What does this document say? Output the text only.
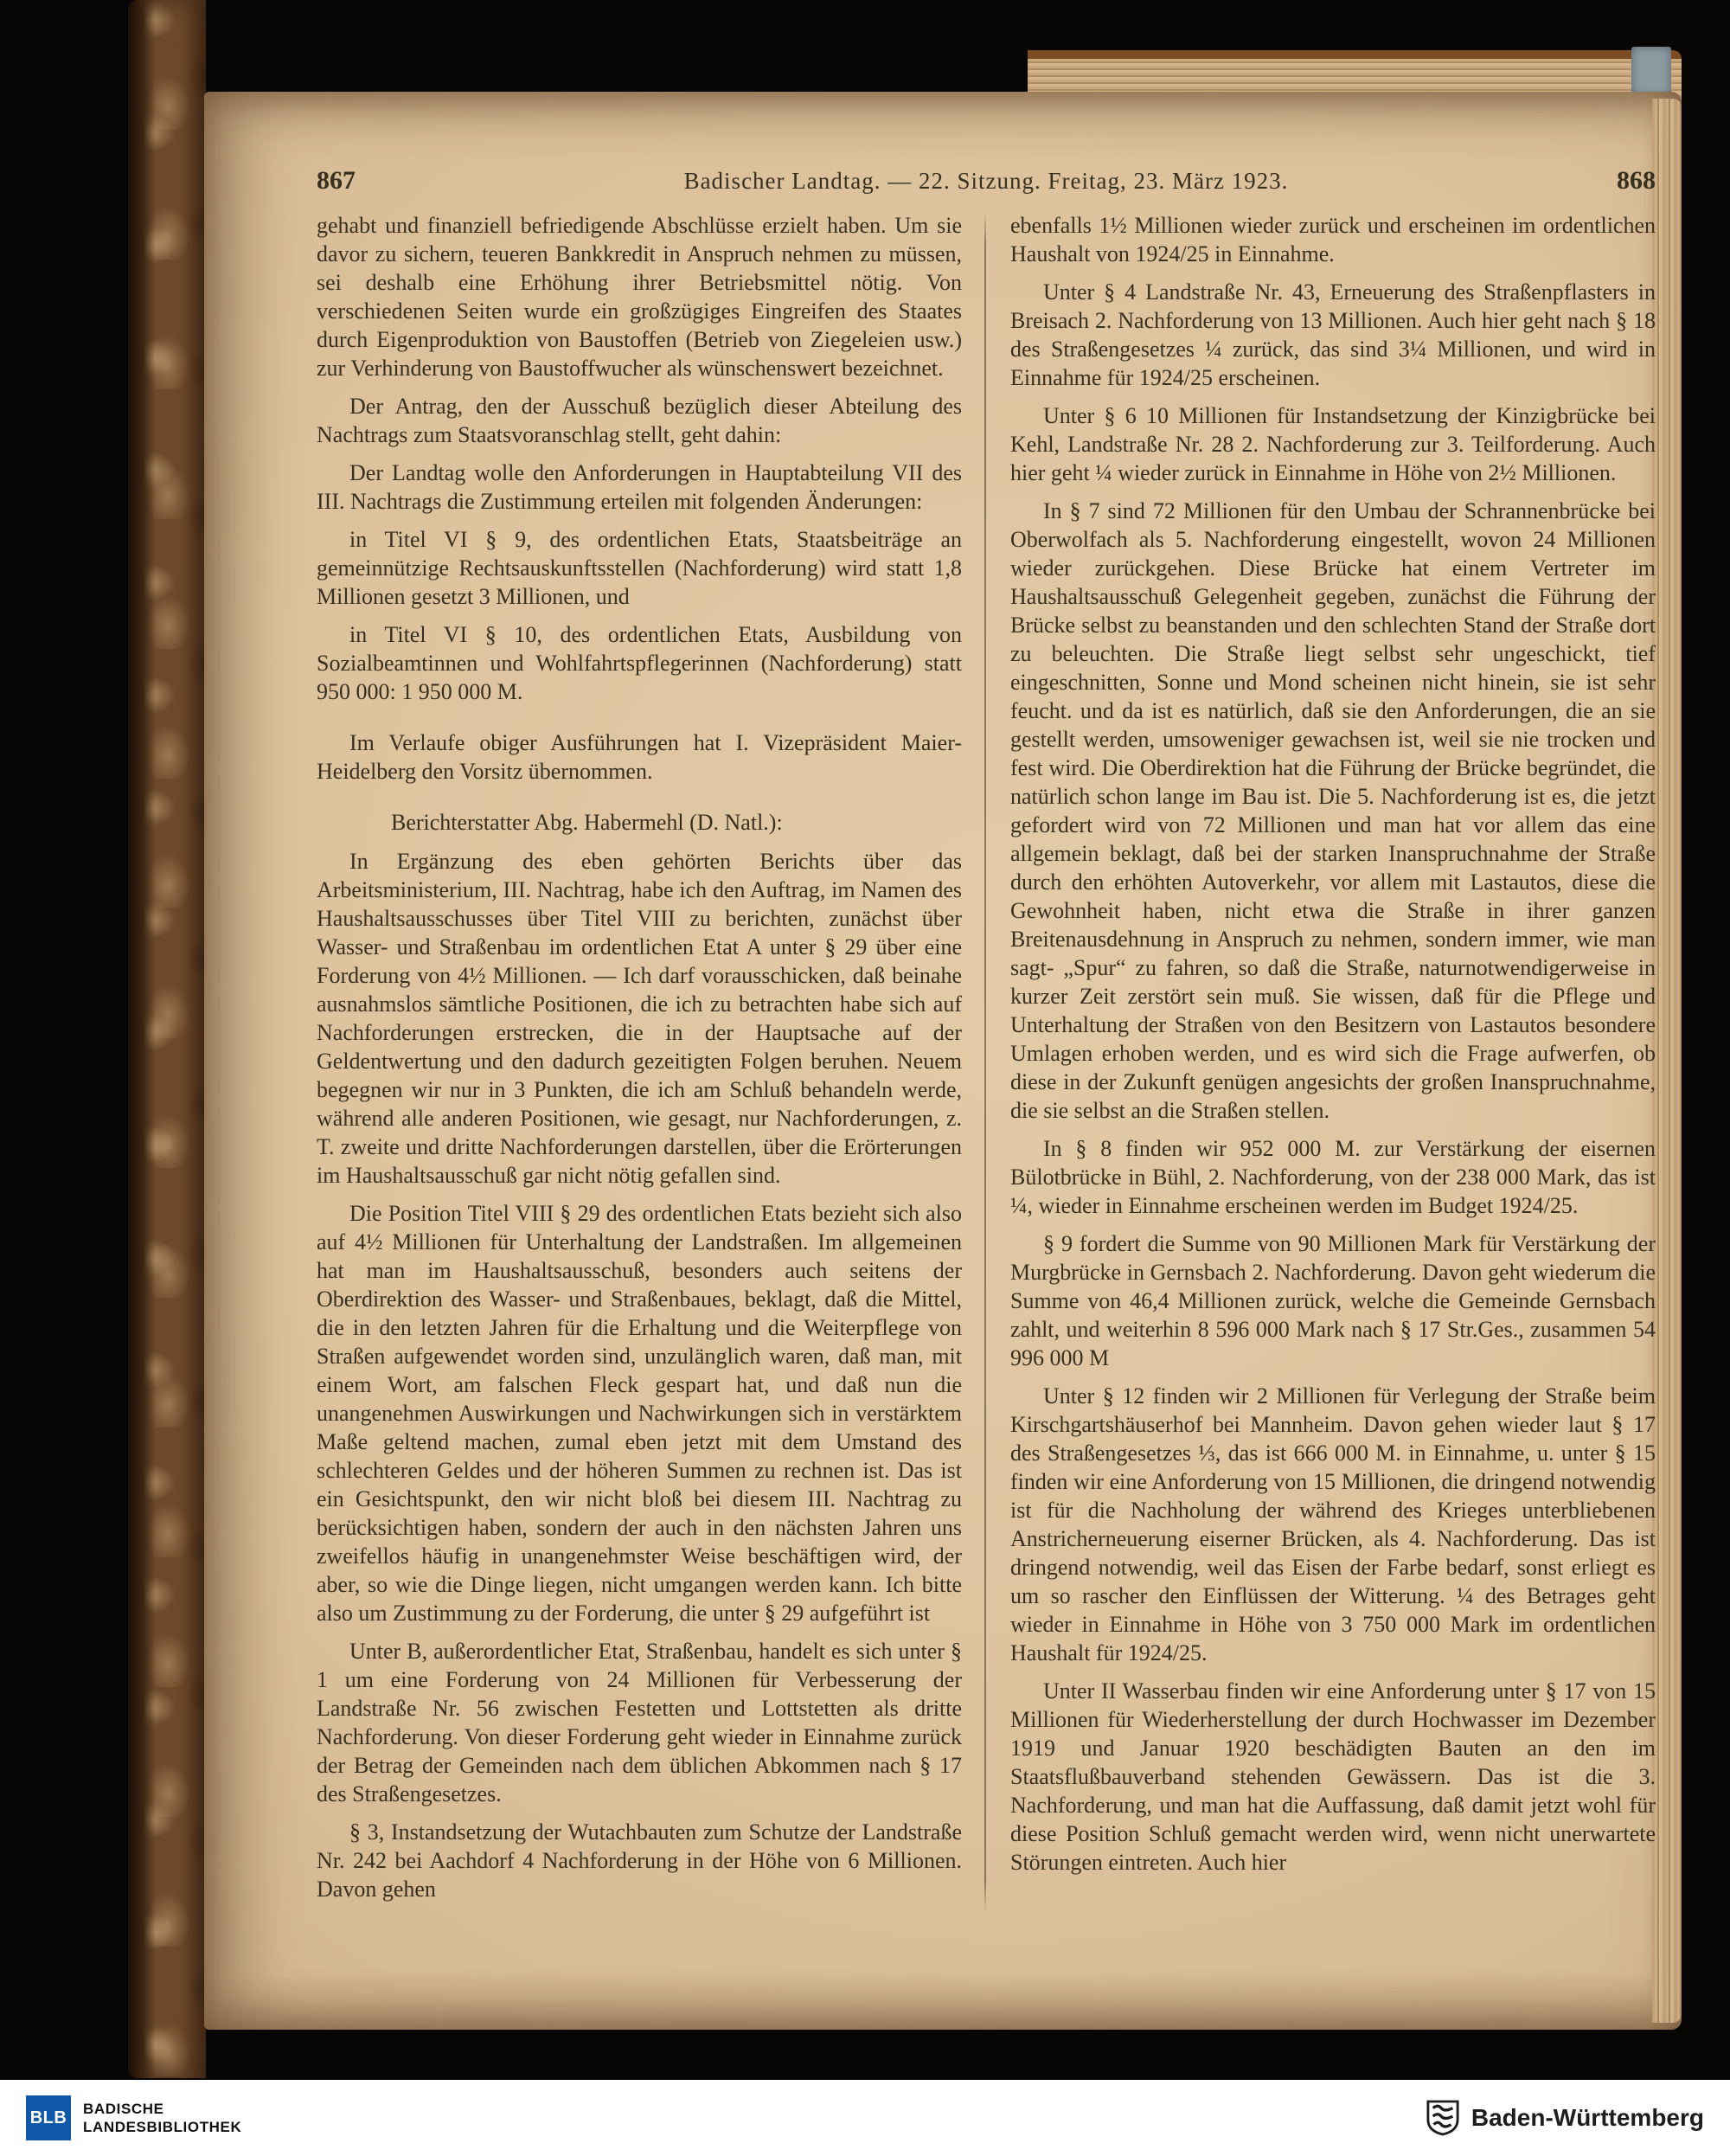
867	Badischer Landtag. — 22. Sitzung. Freitag, 23. März 1923.	868

gehabt und finanziell befriedigende Abschlüsse erzielt haben. Um sie davor zu sichern, teueren Bankkredit in Anspruch nehmen zu müssen, sei deshalb eine Erhöhung ihrer Betriebsmittel nötig. Von verschiedenen Seiten wurde ein großzügiges Eingreifen des Staates durch Eigenproduktion von Baustoffen (Betrieb von Ziegeleien usw.) zur Verhinderung von Baustoffwucher als wünschenswert bezeichnet.

Der Antrag, den der Ausschuß bezüglich dieser Abteilung des Nachtrags zum Staatsvoranschlag stellt, geht dahin:

Der Landtag wolle den Anforderungen in Hauptabteilung VII des III. Nachtrags die Zustimmung erteilen mit folgenden Änderungen:

in Titel VI § 9, des ordentlichen Etats, Staatsbeiträge an gemeinnützige Rechtsauskunftsstellen (Nachforderung) wird statt 1,8 Millionen gesetzt 3 Millionen, und

in Titel VI § 10, des ordentlichen Etats, Ausbildung von Sozialbeamtinnen und Wohlfahrtspflegerinnen (Nachforderung) statt 950 000: 1 950 000 M.

Im Verlaufe obiger Ausführungen hat I. Vizepräsident Maier-Heidelberg den Vorsitz übernommen.

Berichterstatter Abg. Habermehl (D. Natl.):

In Ergänzung des eben gehörten Berichts über das Arbeitsministerium, III. Nachtrag, habe ich den Auftrag, im Namen des Haushaltsausschusses über Titel VIII zu berichten, zunächst über Wasser- und Straßenbau im ordentlichen Etat A unter § 29 über eine Forderung von 4½ Millionen. — Ich darf vorausschicken, daß beinahe ausnahmslos sämtliche Positionen, die ich zu betrachten habe sich auf Nachforderungen erstrecken, die in der Hauptsache auf der Geldentwertung und den dadurch gezeitigten Folgen beruhen. Neuem begegnen wir nur in 3 Punkten, die ich am Schluß behandeln werde, während alle anderen Positionen, wie gesagt, nur Nachforderungen, z. T. zweite und dritte Nachforderungen darstellen, über die Erörterungen im Haushaltsausschuß gar nicht nötig gefallen sind.

Die Position Titel VIII § 29 des ordentlichen Etats bezieht sich also auf 4½ Millionen für Unterhaltung der Landstraßen. Im allgemeinen hat man im Haushaltsausschuß, besonders auch seitens der Oberdirektion des Wasser- und Straßenbaues, beklagt, daß die Mittel, die in den letzten Jahren für die Erhaltung und die Weiterpflege von Straßen aufgewendet worden sind, unzulänglich waren, daß man, mit einem Wort, am falschen Fleck gespart hat, und daß nun die unangenehmen Auswirkungen und Nachwirkungen sich in verstärktem Maße geltend machen, zumal eben jetzt mit dem Umstand des schlechteren Geldes und der höheren Summen zu rechnen ist. Das ist ein Gesichtspunkt, den wir nicht bloß bei diesem III. Nachtrag zu berücksichtigen haben, sondern der auch in den nächsten Jahren uns zweifellos häufig in unangenehmster Weise beschäftigen wird, der aber, so wie die Dinge liegen, nicht umgangen werden kann. Ich bitte also um Zustimmung zu der Forderung, die unter § 29 aufgeführt ist

Unter B, außerordentlicher Etat, Straßenbau, handelt es sich unter § 1 um eine Forderung von 24 Millionen für Verbesserung der Landstraße Nr. 56 zwischen Festetten und Lottstetten als dritte Nachforderung. Von dieser Forderung geht wieder in Einnahme zurück der Betrag der Gemeinden nach dem üblichen Abkommen nach § 17 des Straßengesetzes.

§ 3, Instandsetzung der Wutachbauten zum Schutze der Landstraße Nr. 242 bei Aachdorf 4 Nachforderung in der Höhe von 6 Millionen. Davon gehen

ebenfalls 1½ Millionen wieder zurück und erscheinen im ordentlichen Haushalt von 1924/25 in Einnahme.

Unter § 4 Landstraße Nr. 43, Erneuerung des Straßenpflasters in Breisach 2. Nachforderung von 13 Millionen. Auch hier geht nach § 18 des Straßengesetzes ¼ zurück, das sind 3¼ Millionen, und wird in Einnahme für 1924/25 erscheinen.

Unter § 6 10 Millionen für Instandsetzung der Kinzigbrücke bei Kehl, Landstraße Nr. 28 2. Nachforderung zur 3. Teilforderung. Auch hier geht ¼ wieder zurück in Einnahme in Höhe von 2½ Millionen.

In § 7 sind 72 Millionen für den Umbau der Schrannenbrücke bei Oberwolfach als 5. Nachforderung eingestellt, wovon 24 Millionen wieder zurückgehen. Diese Brücke hat einem Vertreter im Haushaltsausschuß Gelegenheit gegeben, zunächst die Führung der Brücke selbst zu beanstanden und den schlechten Stand der Straße dort zu beleuchten. Die Straße liegt selbst sehr ungeschickt, tief eingeschnitten, Sonne und Mond scheinen nicht hinein, sie ist sehr feucht. und da ist es natürlich, daß sie den Anforderungen, die an sie gestellt werden, umsoweniger gewachsen ist, weil sie nie trocken und fest wird. Die Oberdirektion hat die Führung der Brücke begründet, die natürlich schon lange im Bau ist. Die 5. Nachforderung ist es, die jetzt gefordert wird von 72 Millionen und man hat vor allem das eine allgemein beklagt, daß bei der starken Inanspruchnahme der Straße durch den erhöhten Autoverkehr, vor allem mit Lastautos, diese die Gewohnheit haben, nicht etwa die Straße in ihrer ganzen Breitenausdehnung in Anspruch zu nehmen, sondern immer, wie man sagt- „Spur“ zu fahren, so daß die Straße, naturnotwendigerweise in kurzer Zeit zerstört sein muß. Sie wissen, daß für die Pflege und Unterhaltung der Straßen von den Besitzern von Lastautos besondere Umlagen erhoben werden, und es wird sich die Frage aufwerfen, ob diese in der Zukunft genügen angesichts der großen Inanspruchnahme, die sie selbst an die Straßen stellen.

In § 8 finden wir 952 000 M. zur Verstärkung der eisernen Bülotbrücke in Bühl, 2. Nachforderung, von der 238 000 Mark, das ist ¼, wieder in Einnahme erscheinen werden im Budget 1924/25.

§ 9 fordert die Summe von 90 Millionen Mark für Verstärkung der Murgbrücke in Gernsbach 2. Nachforderung. Davon geht wiederum die Summe von 46,4 Millionen zurück, welche die Gemeinde Gernsbach zahlt, und weiterhin 8 596 000 Mark nach § 17 Str.Ges., zusammen 54 996 000 M

Unter § 12 finden wir 2 Millionen für Verlegung der Straße beim Kirschgartshäuserhof bei Mannheim. Davon gehen wieder laut § 17 des Straßengesetzes ⅓, das ist 666 000 M. in Einnahme, u. unter § 15 finden wir eine Anforderung von 15 Millionen, die dringend notwendig ist für die Nachholung der während des Krieges unterbliebenen Anstricherneuerung eiserner Brücken, als 4. Nachforderung. Das ist dringend notwendig, weil das Eisen der Farbe bedarf, sonst erliegt es um so rascher den Einflüssen der Witterung. ¼ des Betrages geht wieder in Einnahme in Höhe von 3 750 000 Mark im ordentlichen Haushalt für 1924/25.

Unter II Wasserbau finden wir eine Anforderung unter § 17 von 15 Millionen für Wiederherstellung der durch Hochwasser im Dezember 1919 und Januar 1920 beschädigten Bauten an den im Staatsflußbauverband stehenden Gewässern. Das ist die 3. Nachforderung, und man hat die Auffassung, daß damit jetzt wohl für diese Position Schluß gemacht werden wird, wenn nicht unerwartete Störungen eintreten. Auch hier

BLB BADISCHE
LANDESBIBLIOTHEK	Baden-Württemberg
